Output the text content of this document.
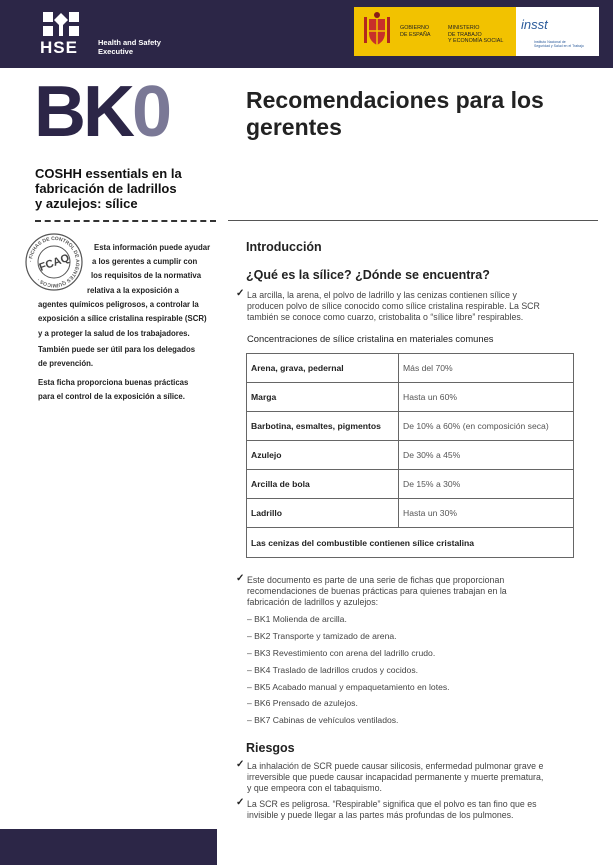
HSE	Health and Safety
Executive
GOBIERNO
DE ESPAÑA
MINISTERIO
DE TRABAJO
Y ECONOMÍA SOCIAL
insst
Instituto Nacional de
Seguridad y Salud en el Trabajo
BK0
COSHH essentials en la
fabricación de ladrillos
y azulejos: sílice
· FICHAS DE CONTROL DE AGENTES QUÍMICOS ·
FCAQ
Esta información puede ayudar
a los gerentes a cumplir con
los requisitos de la normativa
relativa a la exposición a
agentes químicos peligrosos, a controlar la
exposición a sílice cristalina respirable (SCR)
y a proteger la salud de los trabajadores.
También puede ser útil para los delegados
de prevención.
Esta ficha proporciona buenas prácticas
para el control de la exposición a sílice.
Recomendaciones para los
gerentes
Introducción
¿Qué es la sílice? ¿Dónde se encuentra?
✓ La arcilla, la arena, el polvo de ladrillo y las cenizas contienen sílice y
producen polvo de sílice conocido como sílice cristalina respirable. La SCR
también se conoce como cuarzo, cristobalita o “sílice libre” respirables.
Concentraciones de sílice cristalina en materiales comunes
Arena, grava, pedernal	Más del 70%
Marga	Hasta un 60%
Barbotina, esmaltes, pigmentos	De 10% a 60% (en composición seca)
Azulejo	De 30% a 45%
Arcilla de bola	De 15% a 30%
Ladrillo	Hasta un 30%
Las cenizas del combustible contienen sílice cristalina	
✓ Este documento es parte de una serie de fichas que proporcionan
recomendaciones de buenas prácticas para quienes trabajan en la
fabricación de ladrillos y azulejos:
– BK1 Molienda de arcilla.
– BK2 Transporte y tamizado de arena.
– BK3 Revestimiento con arena del ladrillo crudo.
– BK4 Traslado de ladrillos crudos y cocidos.
– BK5 Acabado manual y empaquetamiento en lotes.
– BK6 Prensado de azulejos.
– BK7 Cabinas de vehículos ventilados.
Riesgos
✓ La inhalación de SCR puede causar silicosis, enfermedad pulmonar grave e
irreversible que puede causar incapacidad permanente y muerte prematura,
y que empeora con el tabaquismo.
✓ La SCR es peligrosa. “Respirable” significa que el polvo es tan fino que es
invisible y puede llegar a las partes más profundas de los pulmones.
